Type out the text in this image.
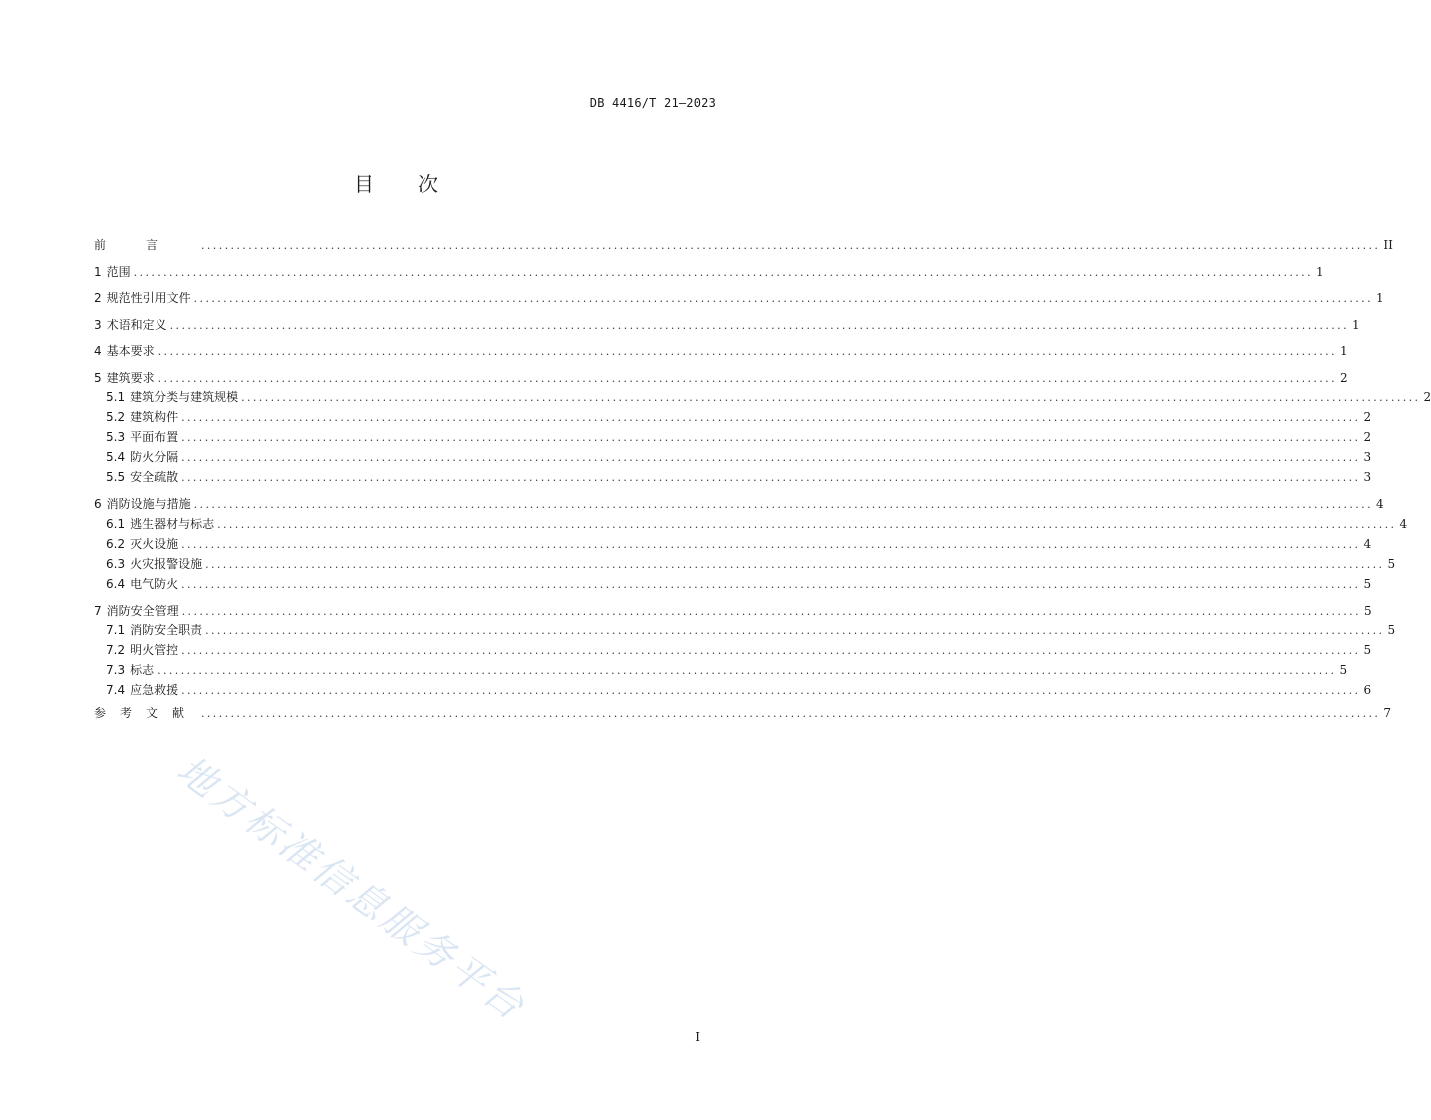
DB 4416/T 21—2023
目 次
前言 ........................................................................................................................................................................................................ II
1 范围 ........................................................................................................................................................................................................ 1
2 规范性引用文件 ........................................................................................................................................................................................................ 1
3 术语和定义 ........................................................................................................................................................................................................ 1
4 基本要求 ........................................................................................................................................................................................................ 1
5 建筑要求 ........................................................................................................................................................................................................ 2
5.1 建筑分类与建筑规模 ........................................................................................................................................................................................................ 2
5.2 建筑构件 ........................................................................................................................................................................................................ 2
5.3 平面布置 ........................................................................................................................................................................................................ 2
5.4 防火分隔 ........................................................................................................................................................................................................ 3
5.5 安全疏散 ........................................................................................................................................................................................................ 3
6 消防设施与措施 ........................................................................................................................................................................................................ 4
6.1 逃生器材与标志 ........................................................................................................................................................................................................ 4
6.2 灭火设施 ........................................................................................................................................................................................................ 4
6.3 火灾报警设施 ........................................................................................................................................................................................................ 5
6.4 电气防火 ........................................................................................................................................................................................................ 5
7 消防安全管理 ........................................................................................................................................................................................................ 5
7.1 消防安全职责 ........................................................................................................................................................................................................ 5
7.2 明火管控 ........................................................................................................................................................................................................ 5
7.3 标志 ........................................................................................................................................................................................................ 5
7.4 应急救援 ........................................................................................................................................................................................................ 6
参考文献 ........................................................................................................................................................................................................ 7
地方标准信息服务平台
I
